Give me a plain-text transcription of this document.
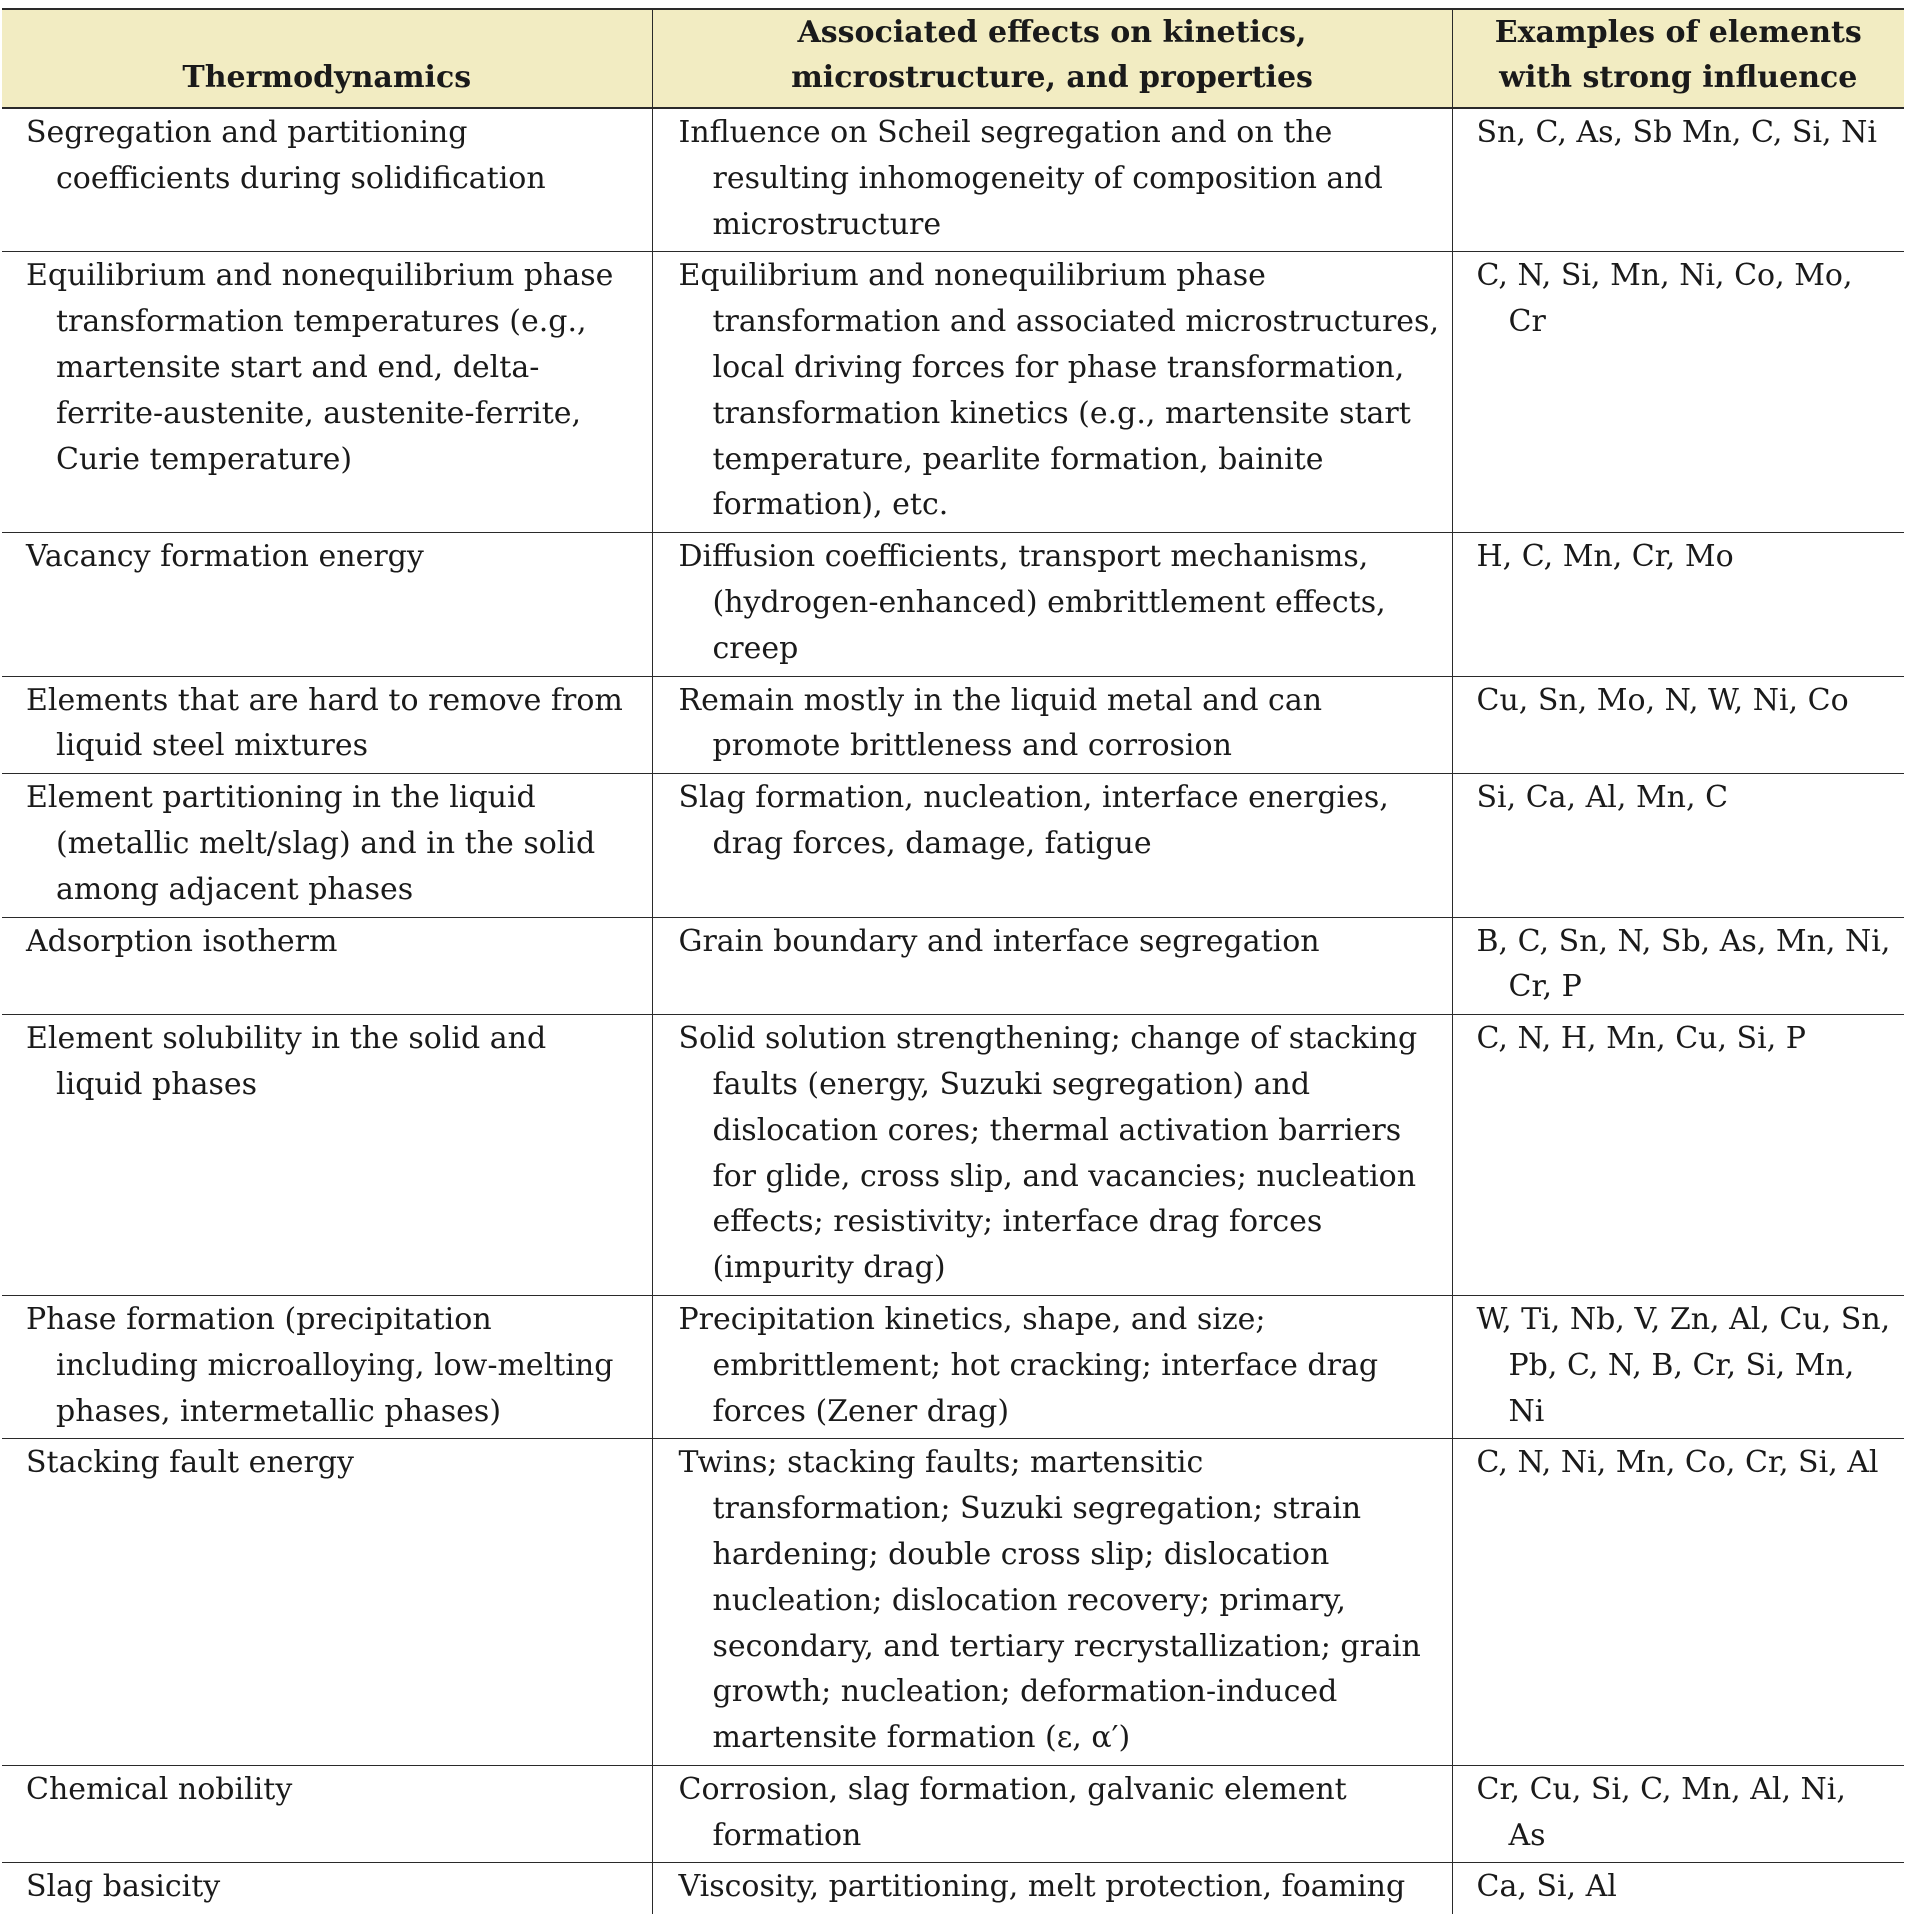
Thermodynamics	Associated effects on kinetics, microstructure, and properties	Examples of elements with strong influence
Segregation and partitioning coefficients during solidification	Influence on Scheil segregation and on the resulting inhomogeneity of composition and microstructure	Sn, C, As, Sb Mn, C, Si, Ni
Equilibrium and nonequilibrium phase transformation temperatures (e.g., martensite start and end, delta-ferrite-austenite, austenite-ferrite, Curie temperature)	Equilibrium and nonequilibrium phase transformation and associated microstructures, local driving forces for phase transformation, transformation kinetics (e.g., martensite start temperature, pearlite formation, bainite formation), etc.	C, N, Si, Mn, Ni, Co, Mo, Cr
Vacancy formation energy	Diffusion coefficients, transport mechanisms, (hydrogen-enhanced) embrittlement effects, creep	H, C, Mn, Cr, Mo
Elements that are hard to remove from liquid steel mixtures	Remain mostly in the liquid metal and can promote brittleness and corrosion	Cu, Sn, Mo, N, W, Ni, Co
Element partitioning in the liquid (metallic melt/slag) and in the solid among adjacent phases	Slag formation, nucleation, interface energies, drag forces, damage, fatigue	Si, Ca, Al, Mn, C
Adsorption isotherm	Grain boundary and interface segregation	B, C, Sn, N, Sb, As, Mn, Ni, Cr, P
Element solubility in the solid and liquid phases	Solid solution strengthening; change of stacking faults (energy, Suzuki segregation) and dislocation cores; thermal activation barriers for glide, cross slip, and vacancies; nucleation effects; resistivity; interface drag forces (impurity drag)	C, N, H, Mn, Cu, Si, P
Phase formation (precipitation including microalloying, low-melting phases, intermetallic phases)	Precipitation kinetics, shape, and size; embrittlement; hot cracking; interface drag forces (Zener drag)	W, Ti, Nb, V, Zn, Al, Cu, Sn, Pb, C, N, B, Cr, Si, Mn, Ni
Stacking fault energy	Twins; stacking faults; martensitic transformation; Suzuki segregation; strain hardening; double cross slip; dislocation nucleation; dislocation recovery; primary, secondary, and tertiary recrystallization; grain growth; nucleation; deformation-induced martensite formation (ε, α′)	C, N, Ni, Mn, Co, Cr, Si, Al
Chemical nobility	Corrosion, slag formation, galvanic element formation	Cr, Cu, Si, C, Mn, Al, Ni, As
Slag basicity	Viscosity, partitioning, melt protection, foaming	Ca, Si, Al
